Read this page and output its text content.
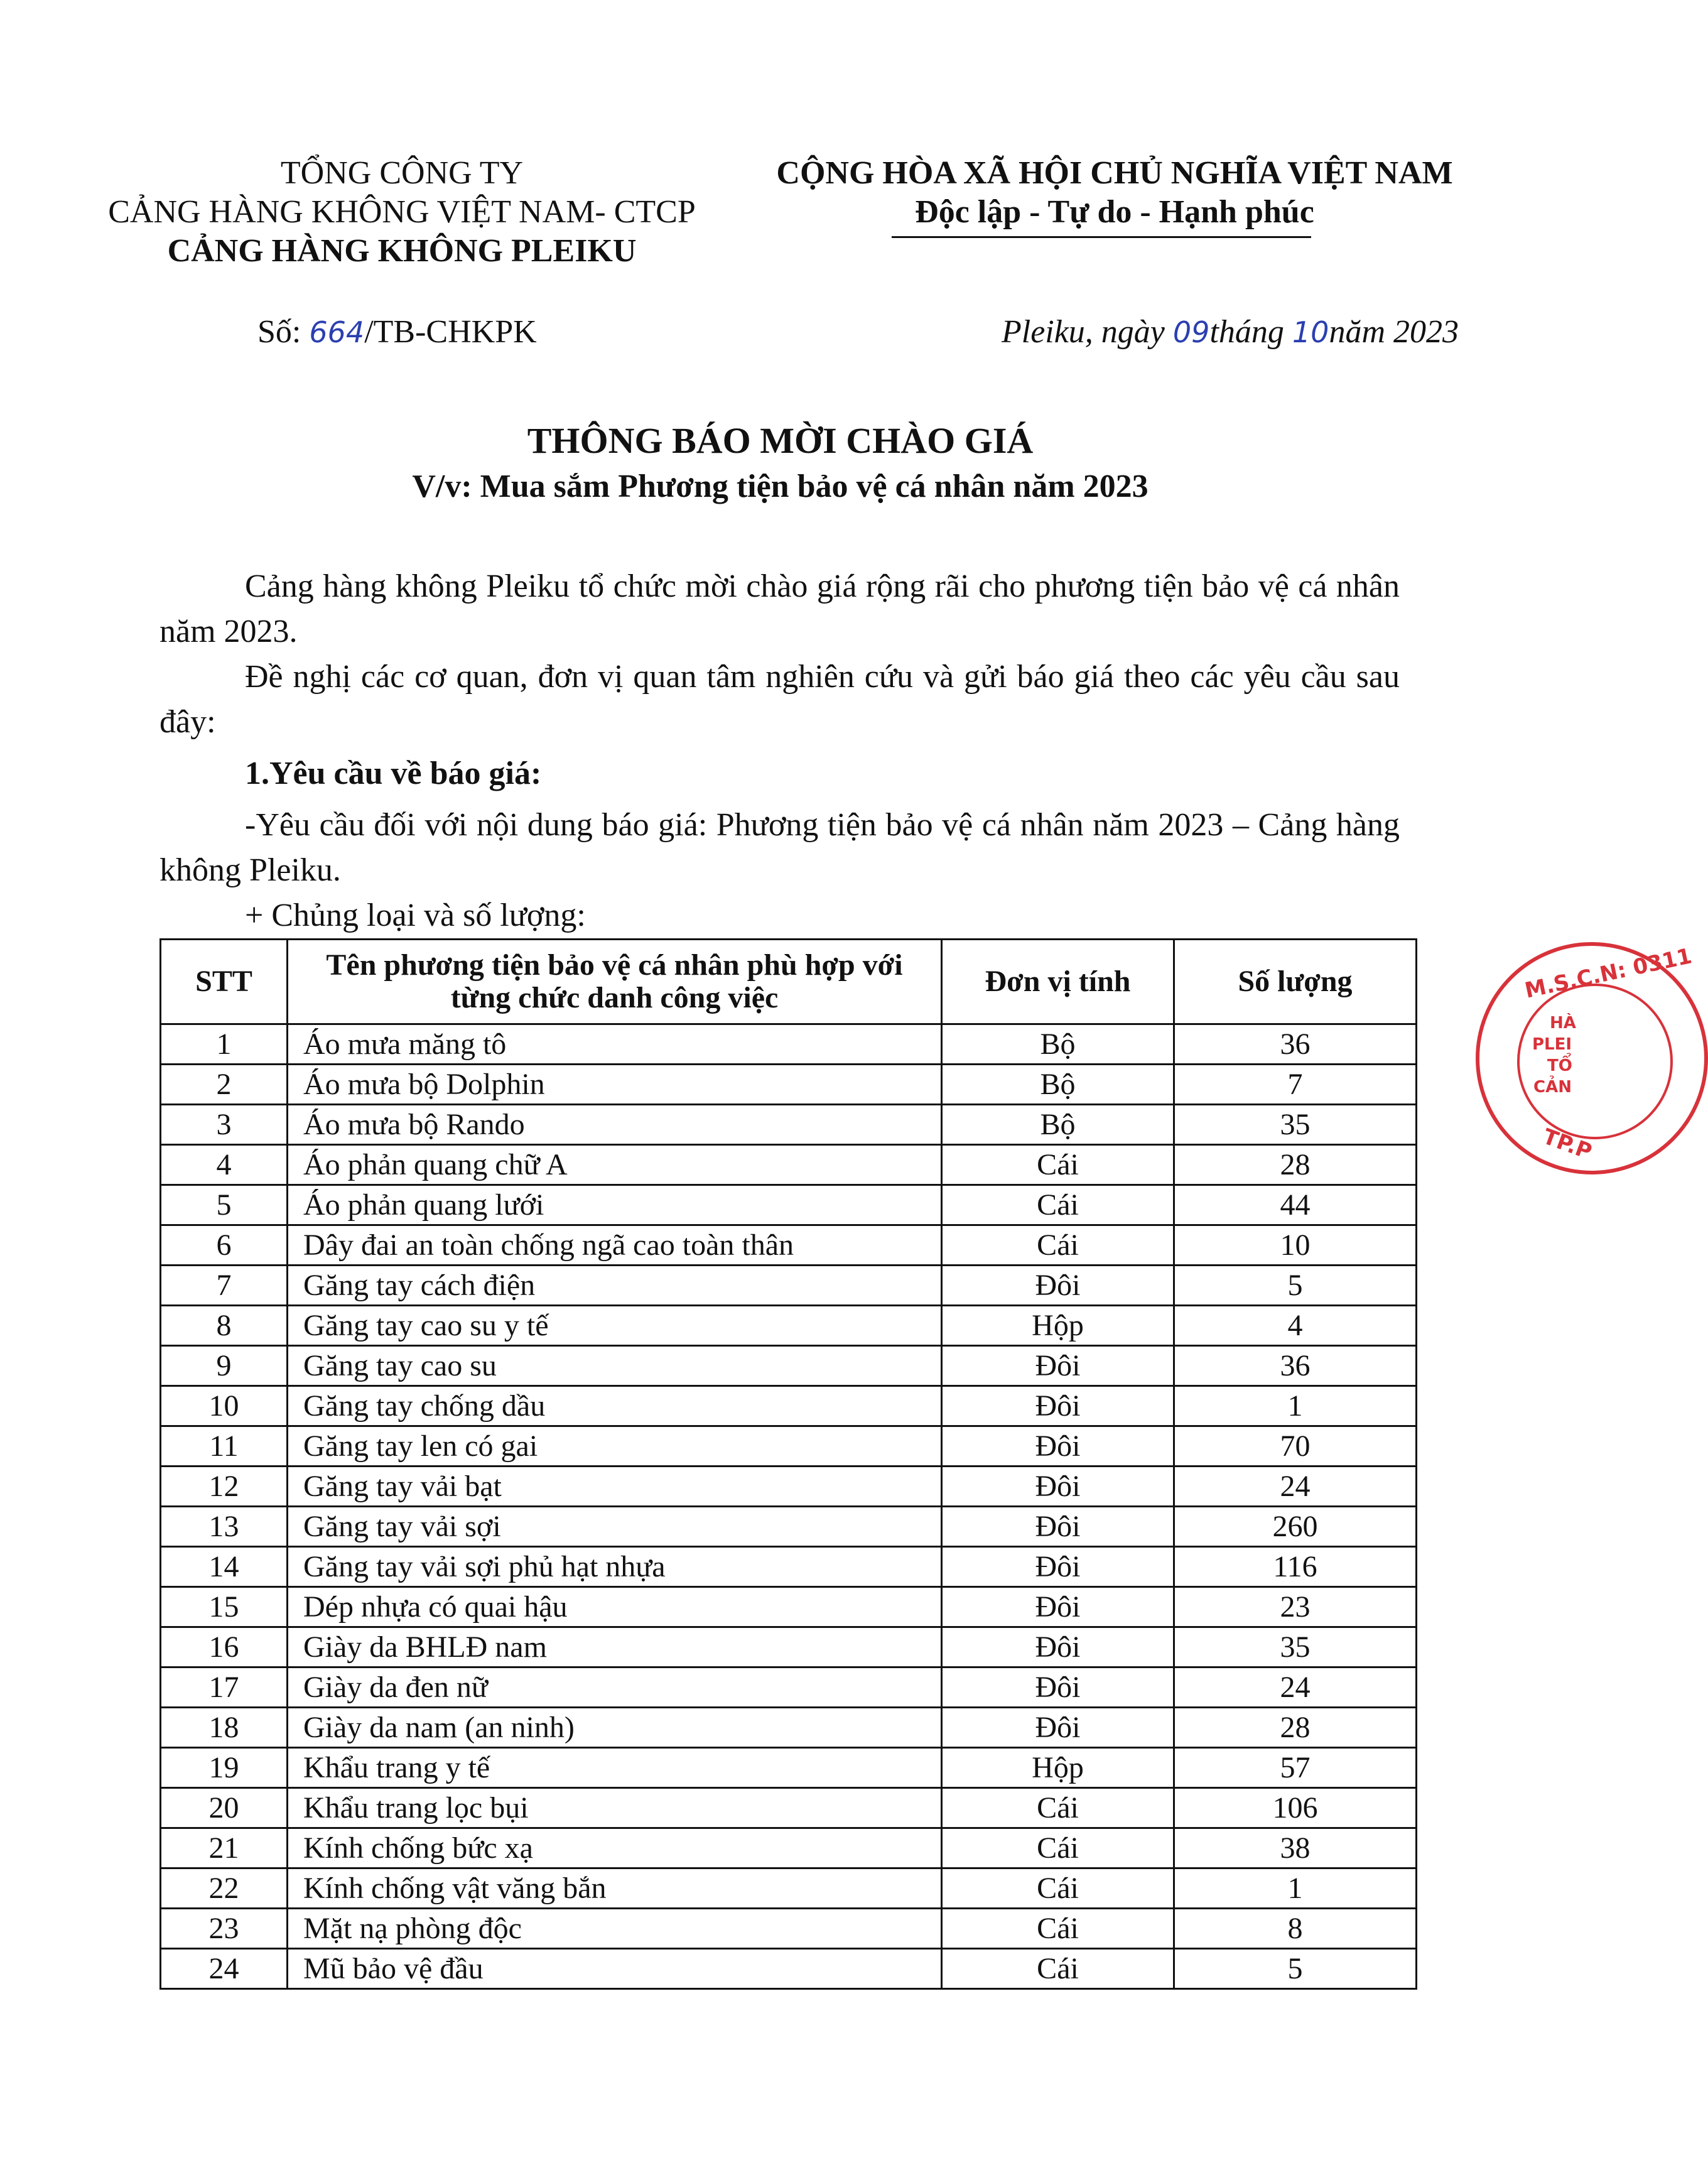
TỔNG CÔNG TY
CẢNG HÀNG KHÔNG VIỆT NAM- CTCP
CẢNG HÀNG KHÔNG PLEIKU
CỘNG HÒA XÃ HỘI CHỦ NGHĨA VIỆT NAM
Độc lập - Tự do - Hạnh phúc
Số: 664/TB-CHKPK	Pleiku, ngày 09tháng 10năm 2023
THÔNG BÁO MỜI CHÀO GIÁ
V/v: Mua sắm Phương tiện bảo vệ cá nhân năm 2023
Cảng hàng không Pleiku tổ chức mời chào giá rộng rãi cho phương tiện bảo vệ cá nhân năm 2023.
Đề nghị các cơ quan, đơn vị quan tâm nghiên cứu và gửi báo giá theo các yêu cầu sau đây:
1.Yêu cầu về báo giá:
-Yêu cầu đối với nội dung báo giá: Phương tiện bảo vệ cá nhân năm 2023 – Cảng hàng không Pleiku.
+ Chủng loại và số lượng:
STT	Tên phương tiện bảo vệ cá nhân phù hợp với từng chức danh công việc	Đơn vị tính	Số lượng
1	Áo mưa măng tô	Bộ	36
2	Áo mưa bộ Dolphin	Bộ	7
3	Áo mưa bộ Rando	Bộ	35
4	Áo phản quang chữ A	Cái	28
5	Áo phản quang lưới	Cái	44
6	Dây đai an toàn chống ngã cao toàn thân	Cái	10
7	Găng tay cách điện	Đôi	5
8	Găng tay cao su y tế	Hộp	4
9	Găng tay cao su	Đôi	36
10	Găng tay chống dầu	Đôi	1
11	Găng tay len có gai	Đôi	70
12	Găng tay vải bạt	Đôi	24
13	Găng tay vải sợi	Đôi	260
14	Găng tay vải sợi phủ hạt nhựa	Đôi	116
15	Dép nhựa có quai hậu	Đôi	23
16	Giày da BHLĐ nam	Đôi	35
17	Giày da đen nữ	Đôi	24
18	Giày da nam (an ninh)	Đôi	28
19	Khẩu trang y tế	Hộp	57
20	Khẩu trang lọc bụi	Cái	106
21	Kính chống bức xạ	Cái	38
22	Kính chống vật văng bắn	Cái	1
23	Mặt nạ phòng độc	Cái	8
24	Mũ bảo vệ đầu	Cái	5
M.S.C.N: 0311
HÀ
PLEI
TỔ
CẢN
TP.P
